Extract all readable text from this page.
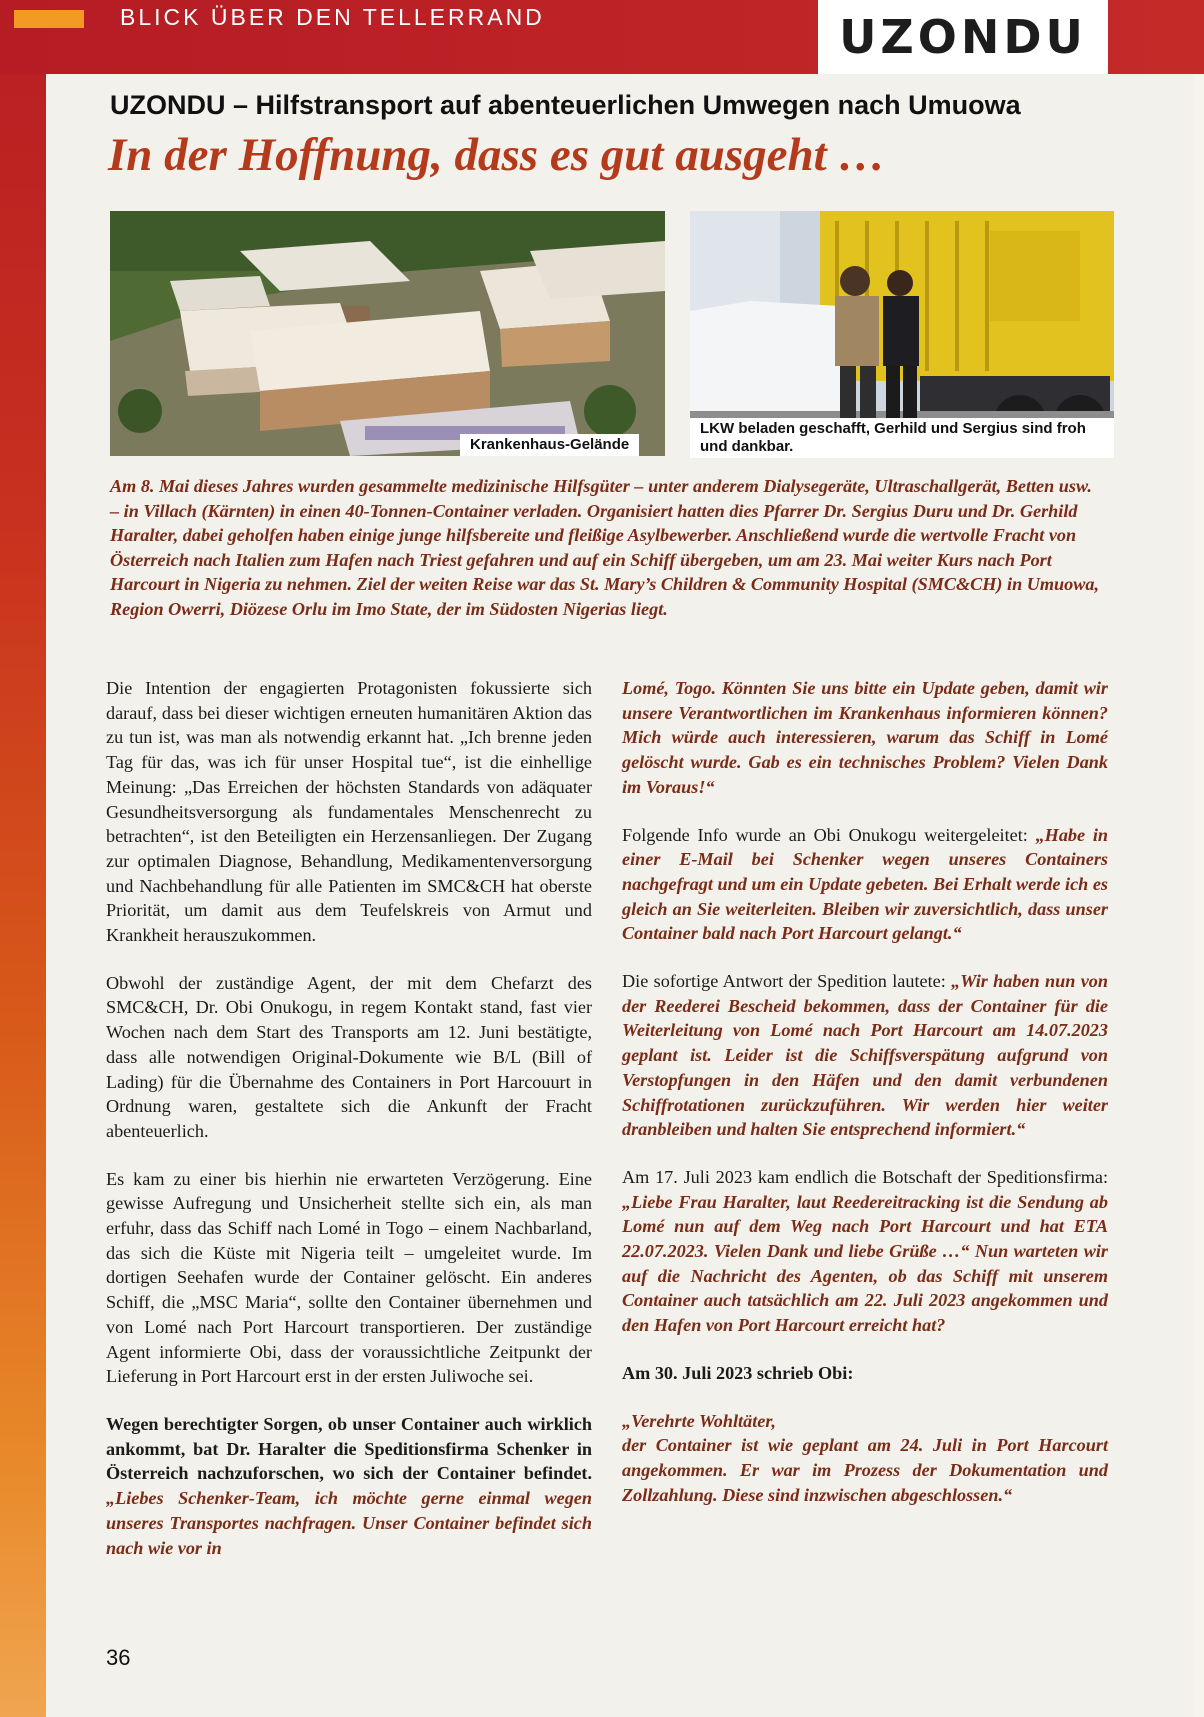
BLICK ÜBER DEN TELLERRAND	UZONDU
UZONDU – Hilfstransport auf abenteuerlichen Umwegen nach Umuowa
In der Hoffnung, dass es gut ausgeht …
Krankenhaus-Gelände
LKW beladen geschafft, Gerhild und Sergius sind froh und dankbar.
Am 8. Mai dieses Jahres wurden gesammelte medizinische Hilfsgüter – unter anderem Dialysegeräte, Ultraschallgerät, Betten usw. – in Villach (Kärnten) in einen 40-Tonnen-Container verladen. Organisiert hatten dies Pfarrer Dr. Sergius Duru und Dr. Gerhild Haralter, dabei geholfen haben einige junge hilfsbereite und fleißige Asylbewerber. Anschließend wurde die wertvolle Fracht von Österreich nach Italien zum Hafen nach Triest gefahren und auf ein Schiff übergeben, um am 23. Mai weiter Kurs nach Port Harcourt in Nigeria zu nehmen. Ziel der weiten Reise war das St. Mary’s Children & Community Hospital (SMC&CH) in Umuowa, Region Owerri, Diözese Orlu im Imo State, der im Südosten Nigerias liegt.

Die Intention der engagierten Protagonisten fokussierte sich darauf, dass bei dieser wichtigen erneuten humanitären Aktion das zu tun ist, was man als notwendig erkannt hat. „Ich brenne jeden Tag für das, was ich für unser Hospital tue“, ist die einhellige Meinung: „Das Erreichen der höchsten Standards von adäquater Gesundheitsversorgung als fundamentales Menschenrecht zu betrachten“, ist den Beteiligten ein Herzensanliegen. Der Zugang zur optimalen Diagnose, Behandlung, Medikamentenversorgung und Nachbehandlung für alle Patienten im SMC&CH hat oberste Priorität, um damit aus dem Teufelskreis von Armut und Krankheit herauszukommen.

Obwohl der zuständige Agent, der mit dem Chefarzt des SMC&CH, Dr. Obi Onukogu, in regem Kontakt stand, fast vier Wochen nach dem Start des Transports am 12. Juni bestätigte, dass alle notwendigen Original-Dokumente wie B/L (Bill of Lading) für die Übernahme des Containers in Port Harcouurt in Ordnung waren, gestaltete sich die Ankunft der Fracht abenteuerlich.

Es kam zu einer bis hierhin nie erwarteten Verzögerung. Eine gewisse Aufregung und Unsicherheit stellte sich ein, als man erfuhr, dass das Schiff nach Lomé in Togo – einem Nachbarland, das sich die Küste mit Nigeria teilt – umgeleitet wurde. Im dortigen Seehafen wurde der Container gelöscht. Ein anderes Schiff, die „MSC Maria“, sollte den Container übernehmen und von Lomé nach Port Harcourt transportieren. Der zuständige Agent informierte Obi, dass der voraussichtliche Zeitpunkt der Lieferung in Port Harcourt erst in der ersten Juliwoche sei.

Wegen berechtigter Sorgen, ob unser Container auch wirklich ankommt, bat Dr. Haralter die Speditionsfirma Schenker in Österreich nachzuforschen, wo sich der Container befindet. „Liebes Schenker-Team, ich möchte gerne einmal wegen unseres Transportes nachfragen. Unser Container befindet sich nach wie vor in

Lomé, Togo. Könnten Sie uns bitte ein Update geben, damit wir unsere Verantwortlichen im Krankenhaus informieren können? Mich würde auch interessieren, warum das Schiff in Lomé gelöscht wurde. Gab es ein technisches Problem? Vielen Dank im Voraus!“

Folgende Info wurde an Obi Onukogu weitergeleitet: „Habe in einer E-Mail bei Schenker wegen unseres Containers nachgefragt und um ein Update gebeten. Bei Erhalt werde ich es gleich an Sie weiterleiten. Bleiben wir zuversichtlich, dass unser Container bald nach Port Harcourt gelangt.“

Die sofortige Antwort der Spedition lautete: „Wir haben nun von der Reederei Bescheid bekommen, dass der Container für die Weiterleitung von Lomé nach Port Harcourt am 14.07.2023 geplant ist. Leider ist die Schiffsverspätung aufgrund von Verstopfungen in den Häfen und den damit verbundenen Schiffrotationen zurückzuführen. Wir werden hier weiter dranbleiben und halten Sie entsprechend informiert.“

Am 17. Juli 2023 kam endlich die Botschaft der Speditionsfirma: „Liebe Frau Haralter, laut Reedereitracking ist die Sendung ab Lomé nun auf dem Weg nach Port Harcourt und hat ETA 22.07.2023. Vielen Dank und liebe Grüße …“ Nun warteten wir auf die Nachricht des Agenten, ob das Schiff mit unserem Container auch tatsächlich am 22. Juli 2023 angekommen und den Hafen von Port Harcourt erreicht hat?

Am 30. Juli 2023 schrieb Obi:

„Verehrte Wohltäter,
der Container ist wie geplant am 24. Juli in Port Harcourt angekommen. Er war im Prozess der Dokumentation und Zollzahlung. Diese sind inzwischen abgeschlossen.“

36
